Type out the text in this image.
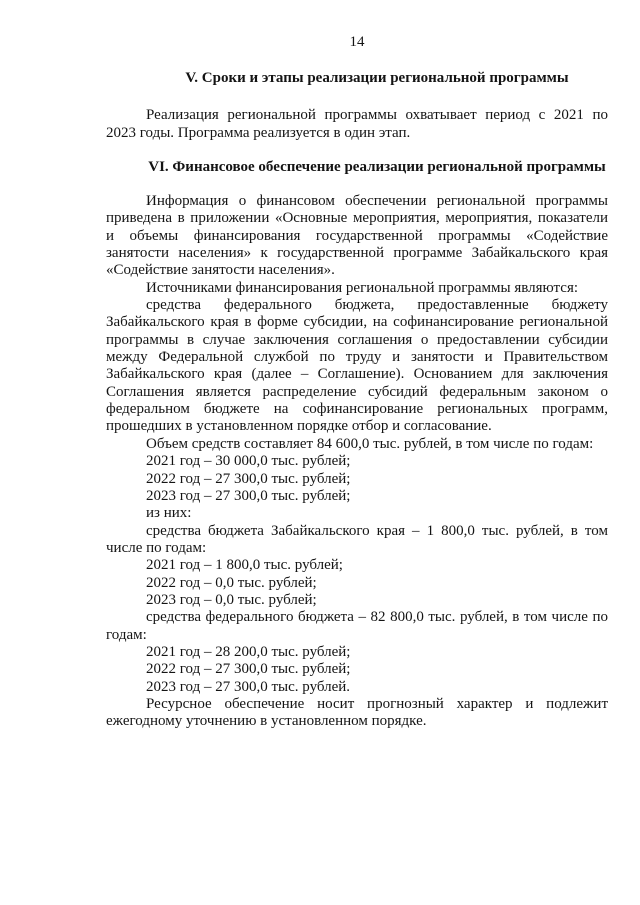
14
V. Сроки и этапы реализации региональной программы
Реализация региональной программы охватывает период с 2021 по
2023 годы. Программа реализуется в один этап.
VI. Финансовое обеспечение реализации региональной программы
Информация о финансовом обеспечении региональной программы
приведена в приложении «Основные мероприятия, мероприятия, показатели
и объемы финансирования государственной программы «Содействие
занятости населения» к государственной программе Забайкальского края
«Содействие занятости населения».
Источниками финансирования региональной программы являются:
средства федерального бюджета, предоставленные бюджету
Забайкальского края в форме субсидии, на софинансирование региональной
программы в случае заключения соглашения о предоставлении субсидии
между Федеральной службой по труду и занятости и Правительством
Забайкальского края (далее – Соглашение). Основанием для заключения
Соглашения является распределение субсидий федеральным законом о
федеральном бюджете на софинансирование региональных программ,
прошедших в установленном порядке отбор и согласование.
Объем средств составляет 84 600,0 тыс. рублей, в том числе по годам:
2021 год – 30 000,0 тыс. рублей;
2022 год – 27 300,0 тыс. рублей;
2023 год – 27 300,0 тыс. рублей;
из них:
средства бюджета Забайкальского края – 1 800,0 тыс. рублей, в том
числе по годам:
2021 год – 1 800,0 тыс. рублей;
2022 год – 0,0 тыс. рублей;
2023 год – 0,0 тыс. рублей;
средства федерального бюджета – 82 800,0 тыс. рублей, в том числе по
годам:
2021 год – 28 200,0 тыс. рублей;
2022 год – 27 300,0 тыс. рублей;
2023 год – 27 300,0 тыс. рублей.
Ресурсное обеспечение носит прогнозный характер и подлежит
ежегодному уточнению в установленном порядке.
